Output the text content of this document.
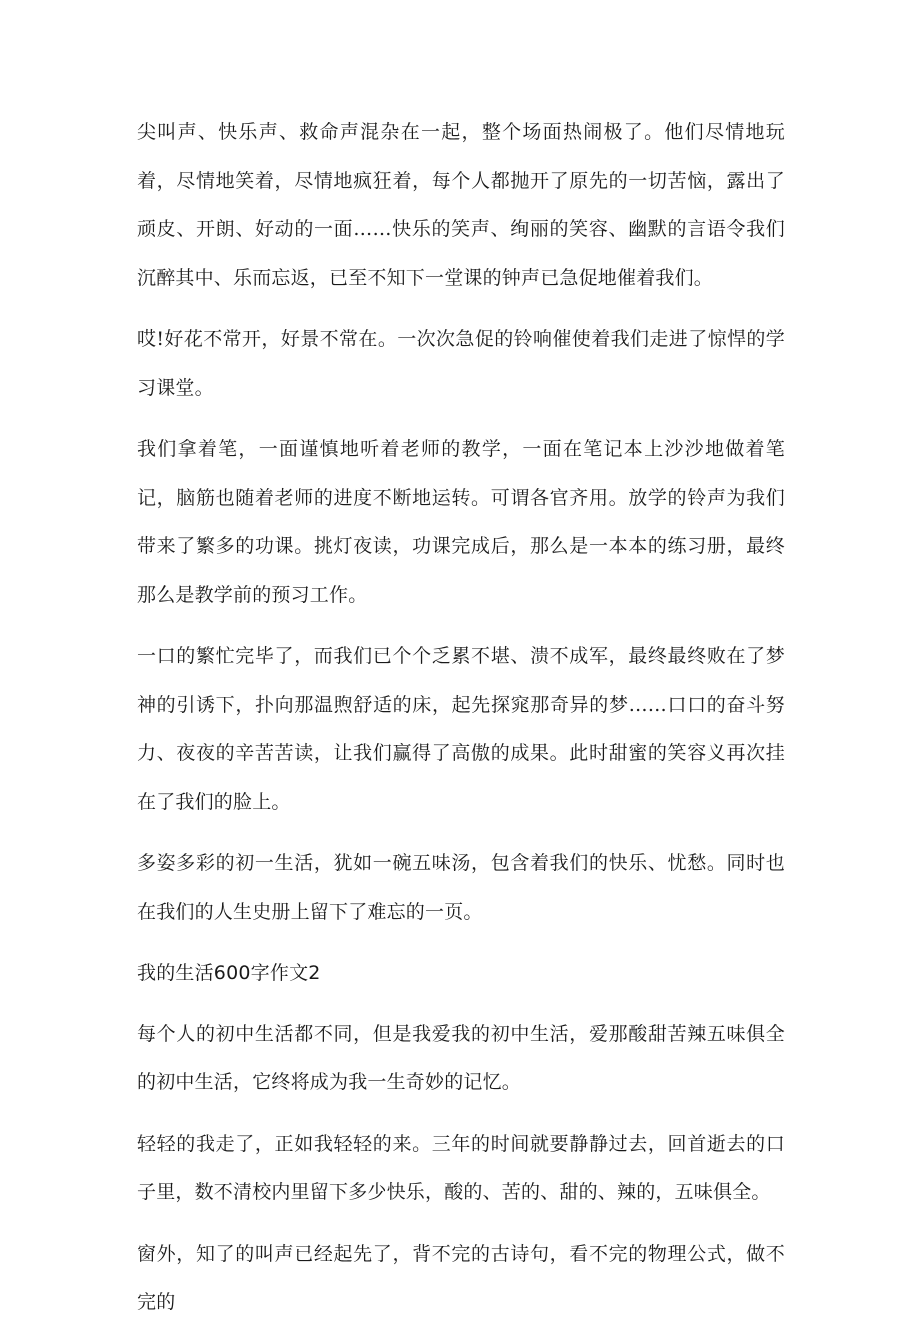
尖叫声、快乐声、救命声混杂在一起，整个场面热闹极了。他们尽情地玩着，尽情地笑着，尽情地疯狂着，每个人都抛开了原先的一切苦恼，露出了顽皮、开朗、好动的一面……快乐的笑声、绚丽的笑容、幽默的言语令我们沉醉其中、乐而忘返，已至不知下一堂课的钟声已急促地催着我们。

哎!好花不常开，好景不常在。一次次急促的铃响催使着我们走进了惊悍的学习课堂。

我们拿着笔，一面谨慎地听着老师的教学，一面在笔记本上沙沙地做着笔记，脑筋也随着老师的进度不断地运转。可谓各官齐用。放学的铃声为我们带来了繁多的功课。挑灯夜读，功课完成后，那么是一本本的练习册，最终那么是教学前的预习工作。

一口的繁忙完毕了，而我们已个个乏累不堪、溃不成军，最终最终败在了梦神的引诱下，扑向那温煦舒适的床，起先探窕那奇异的梦……口口的奋斗努力、夜夜的辛苦苦读，让我们赢得了高傲的成果。此时甜蜜的笑容义再次挂在了我们的脸上。

多姿多彩的初一生活，犹如一碗五味汤，包含着我们的快乐、忧愁。同时也在我们的人生史册上留下了难忘的一页。

我的生活600字作文2

每个人的初中生活都不同，但是我爱我的初中生活，爱那酸甜苦辣五味俱全的初中生活，它终将成为我一生奇妙的记忆。

轻轻的我走了，正如我轻轻的来。三年的时间就要静静过去，回首逝去的口子里，数不清校内里留下多少快乐，酸的、苦的、甜的、辣的，五味俱全。

窗外，知了的叫声已经起先了，背不完的古诗句，看不完的物理公式，做不完的
